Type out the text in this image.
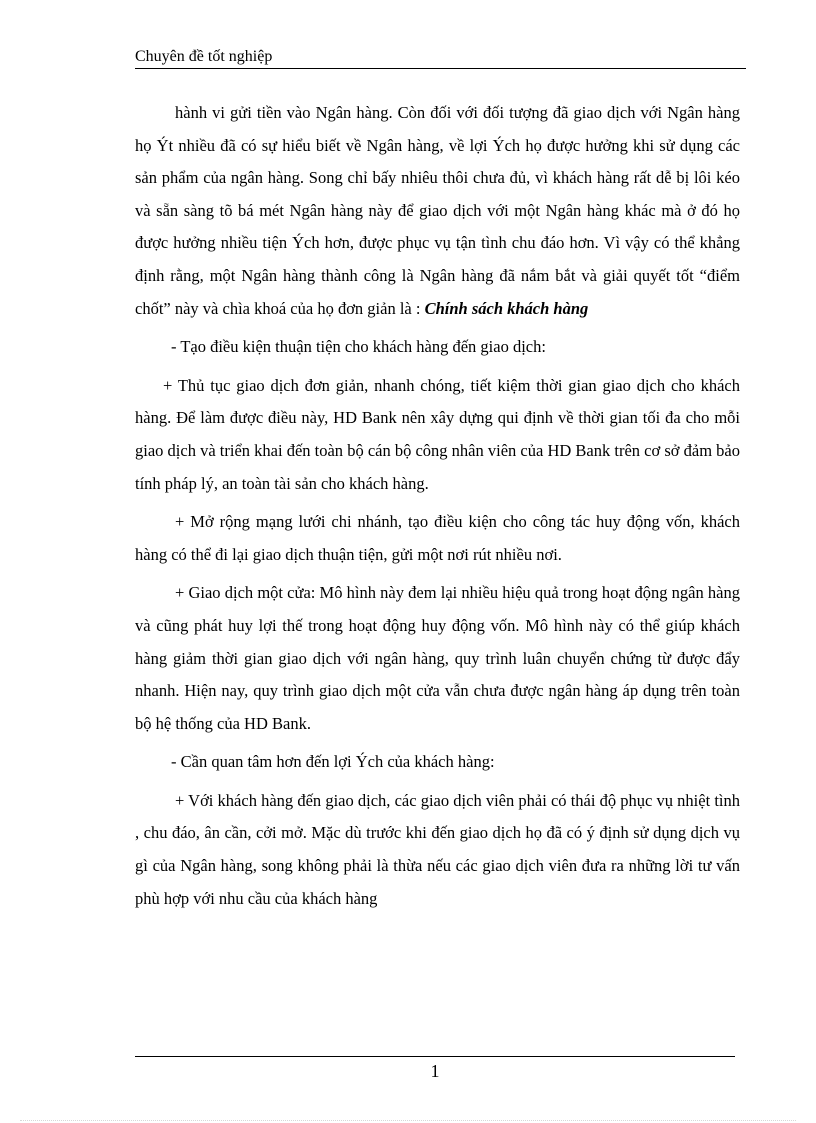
Chuyên đề tốt nghiệp

hành vi gửi tiền vào Ngân hàng. Còn đối với đối tượng đã giao dịch với Ngân hàng họ Ýt nhiều đã có sự hiểu biết về Ngân hàng, về lợi Ých họ được hưởng khi sử dụng các sản phẩm của ngân hàng. Song chỉ bấy nhiêu thôi chưa đủ, vì khách hàng rất dễ bị lôi kéo và sẵn sàng tõ bá mét Ngân hàng này để giao dịch với một Ngân hàng khác mà ở đó họ được hưởng nhiều tiện Ých hơn, được phục vụ tận tình chu đáo hơn. Vì vậy có thể khẳng định rằng, một Ngân hàng thành công là Ngân hàng đã nắm bắt và giải quyết tốt “điểm chốt” này và chìa khoá của họ đơn giản là : Chính sách khách hàng

- Tạo điều kiện thuận tiện cho khách hàng đến giao dịch:

+ Thủ tục giao dịch đơn giản, nhanh chóng, tiết kiệm thời gian giao dịch cho khách hàng. Để làm được điều này, HD Bank nên xây dựng qui định về thời gian tối đa cho mỗi giao dịch và triển khai đến toàn bộ cán bộ công nhân viên của HD Bank trên cơ sở đảm bảo tính pháp lý, an toàn tài sản cho khách hàng.

+ Mở rộng mạng lưới chi nhánh, tạo điều kiện cho công tác huy động vốn, khách hàng có thể đi lại giao dịch thuận tiện, gửi một nơi rút nhiều nơi.

+ Giao dịch một cửa: Mô hình này đem lại nhiều hiệu quả trong hoạt động ngân hàng và cũng phát huy lợi thế trong hoạt động huy động vốn. Mô hình này có thể giúp khách hàng giảm thời gian giao dịch với ngân hàng, quy trình luân chuyển chứng từ được đẩy nhanh. Hiện nay, quy trình giao dịch một cửa vẫn chưa được ngân hàng áp dụng trên toàn bộ hệ thống của HD Bank.

- Cần quan tâm hơn đến lợi Ých của khách hàng:

+ Với khách hàng đến giao dịch, các giao dịch viên phải có thái độ phục vụ nhiệt tình , chu đáo, ân cần, cởi mở. Mặc dù trước khi đến giao dịch họ đã có ý định sử dụng dịch vụ gì của Ngân hàng, song không phải là thừa nếu các giao dịch viên đưa ra những lời tư vấn phù hợp với nhu cầu của khách hàng

1
